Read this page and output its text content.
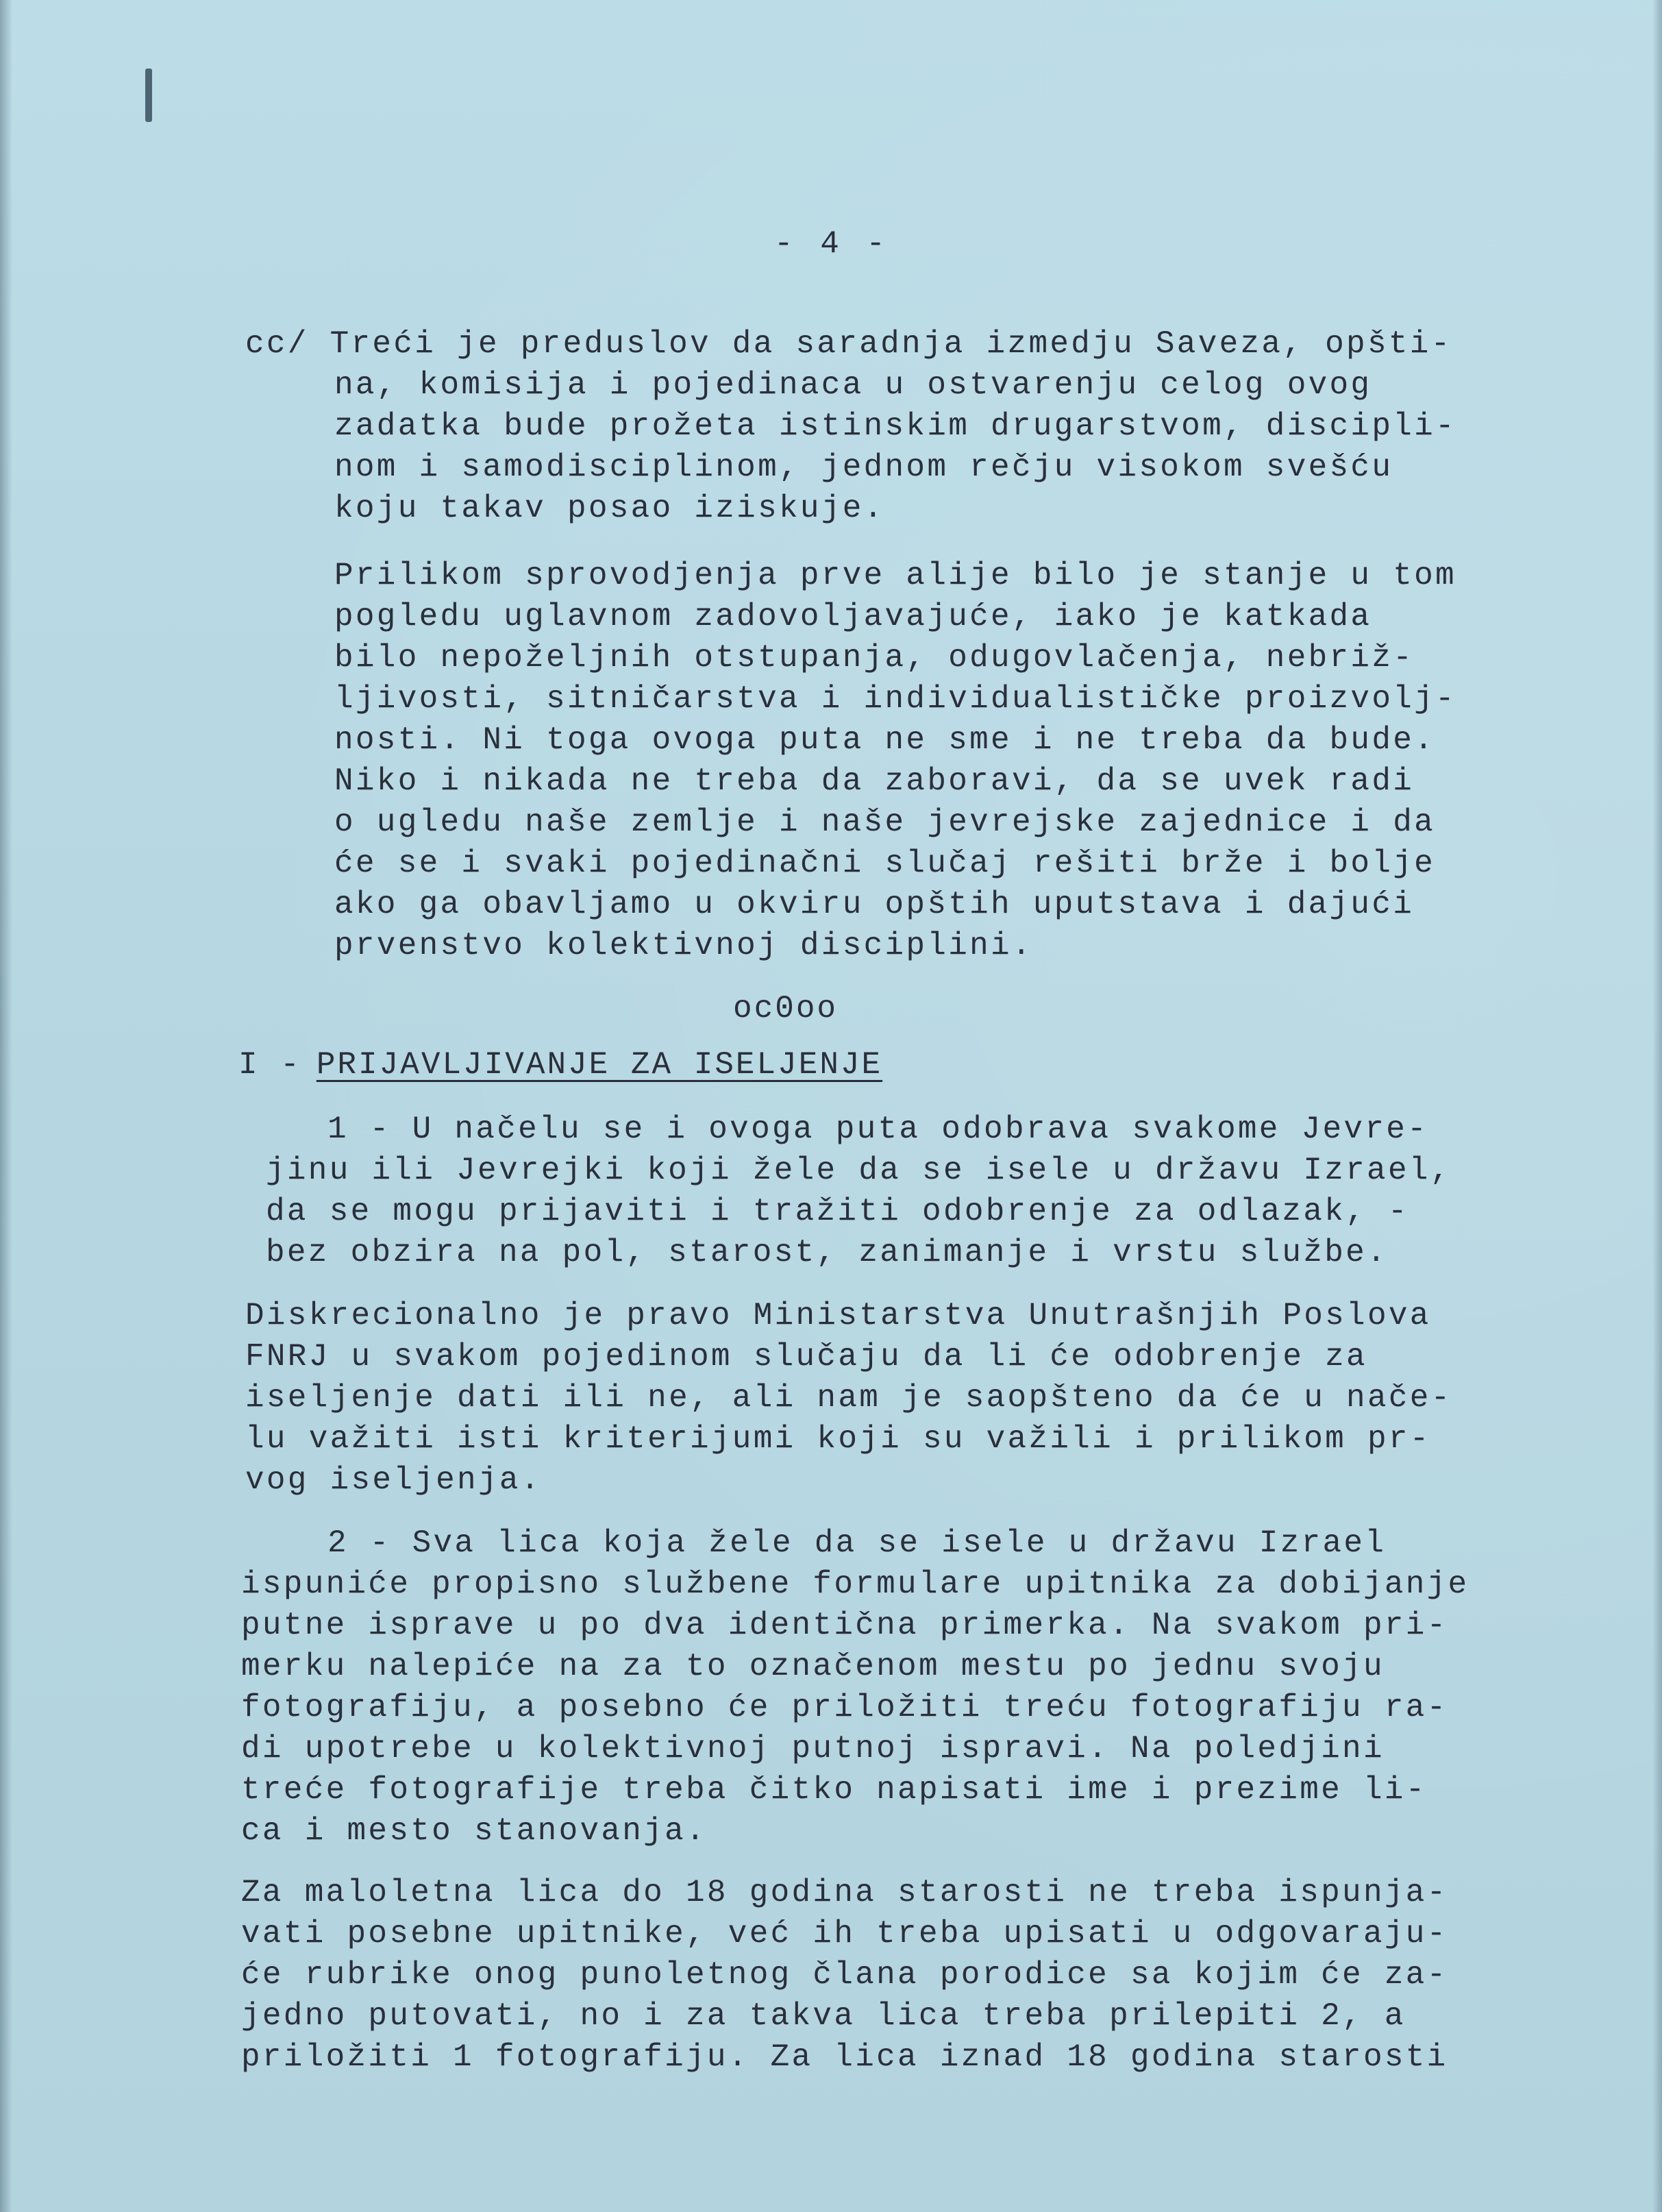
- 4 -
cc/ Treći je preduslov da saradnja izmedju Saveza, opšti-
na, komisija i pojedinaca u ostvarenju celog ovog
zadatka bude prožeta istinskim drugarstvom, discipli-
nom i samodisciplinom, jednom rečju visokom svešću
koju takav posao iziskuje.
Prilikom sprovodjenja prve alije bilo je stanje u tom
pogledu uglavnom zadovoljavajuće, iako je katkada
bilo nepoželjnih otstupanja, odugovlačenja, nebriž-
ljivosti, sitničarstva i individualističke proizvolj-
nosti. Ni toga ovoga puta ne sme i ne treba da bude.
Niko i nikada ne treba da zaboravi, da se uvek radi
o ugledu naše zemlje i naše jevrejske zajednice i da
će se i svaki pojedinačni slučaj rešiti brže i bolje
ako ga obavljamo u okviru opštih uputstava i dajući
prvenstvo kolektivnoj disciplini.
oc0oo
I - PRIJAVLJIVANJE ZA ISELJENJE
1 - U načelu se i ovoga puta odobrava svakome Jevre-
jinu ili Jevrejki koji žele da se isele u državu Izrael,
da se mogu prijaviti i tražiti odobrenje za odlazak, -
bez obzira na pol, starost, zanimanje i vrstu službe.
Diskrecionalno je pravo Ministarstva Unutrašnjih Poslova
FNRJ u svakom pojedinom slučaju da li će odobrenje za
iseljenje dati ili ne, ali nam je saopšteno da će u nače-
lu važiti isti kriterijumi koji su važili i prilikom pr-
vog iseljenja.
2 - Sva lica koja žele da se isele u državu Izrael
ispuniće propisno službene formulare upitnika za dobijanje
putne isprave u po dva identična primerka. Na svakom pri-
merku nalepiće na za to označenom mestu po jednu svoju
fotografiju, a posebno će priložiti treću fotografiju ra-
di upotrebe u kolektivnoj putnoj ispravi. Na poledjini
treće fotografije treba čitko napisati ime i prezime li-
ca i mesto stanovanja.
Za maloletna lica do 18 godina starosti ne treba ispunja-
vati posebne upitnike, već ih treba upisati u odgovaraju-
će rubrike onog punoletnog člana porodice sa kojim će za-
jedno putovati, no i za takva lica treba prilepiti 2, a
priložiti 1 fotografiju. Za lica iznad 18 godina starosti
